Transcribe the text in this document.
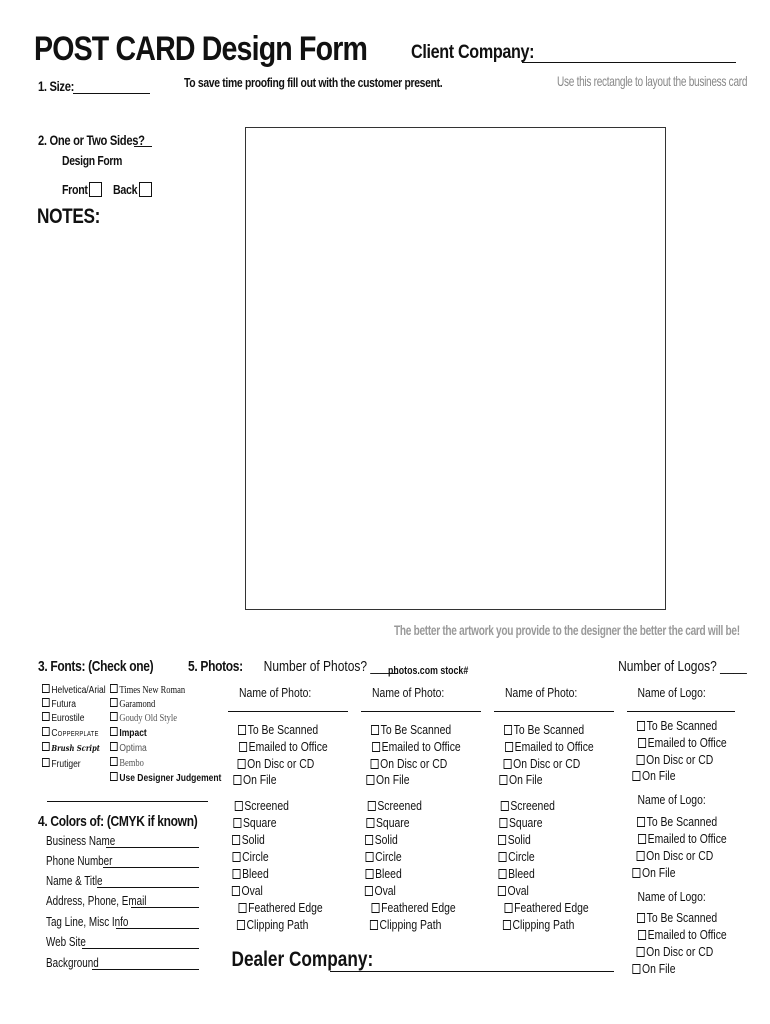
POST CARD Design Form Client Company:
1. Size:	To save time proofing fill out with the customer present.	Use this rectangle to layout the business card
2. One or Two Sides?
Design Form
Front Back
NOTES:
The better the artwork you provide to the designer the better the card will be!
3. Fonts: (Check one)
Helvetica/Arial
Futura
Eurostile
Copperplate
Brush Script
Frutiger
Times New Roman
Garamond
Goudy Old Style
Impact
Optima
Bembo
Use Designer Judgement
4. Colors of: (CMYK if known)
Business Name
Phone Number
Name & Title
Address, Phone, Email
Tag Line, Misc Info
Web Site
Background
5. Photos: Number of Photos? ____
photos.com stock#	Number of Logos? ____
Name of Photo:
To Be Scanned
Emailed to Office
On Disc or CD
On File
Screened
Square
Solid
Circle
Bleed
Oval
Feathered Edge
Clipping Path
Name of Photo:
To Be Scanned
Emailed to Office
On Disc or CD
On File
Screened
Square
Solid
Circle
Bleed
Oval
Feathered Edge
Clipping Path
Name of Photo:
To Be Scanned
Emailed to Office
On Disc or CD
On File
Screened
Square
Solid
Circle
Bleed
Oval
Feathered Edge
Clipping Path
Name of Logo:
To Be Scanned
Emailed to Office
On Disc or CD
On File
Name of Logo:
To Be Scanned
Emailed to Office
On Disc or CD
On File
Name of Logo:
To Be Scanned
Emailed to Office
On Disc or CD
On File
Dealer Company:
